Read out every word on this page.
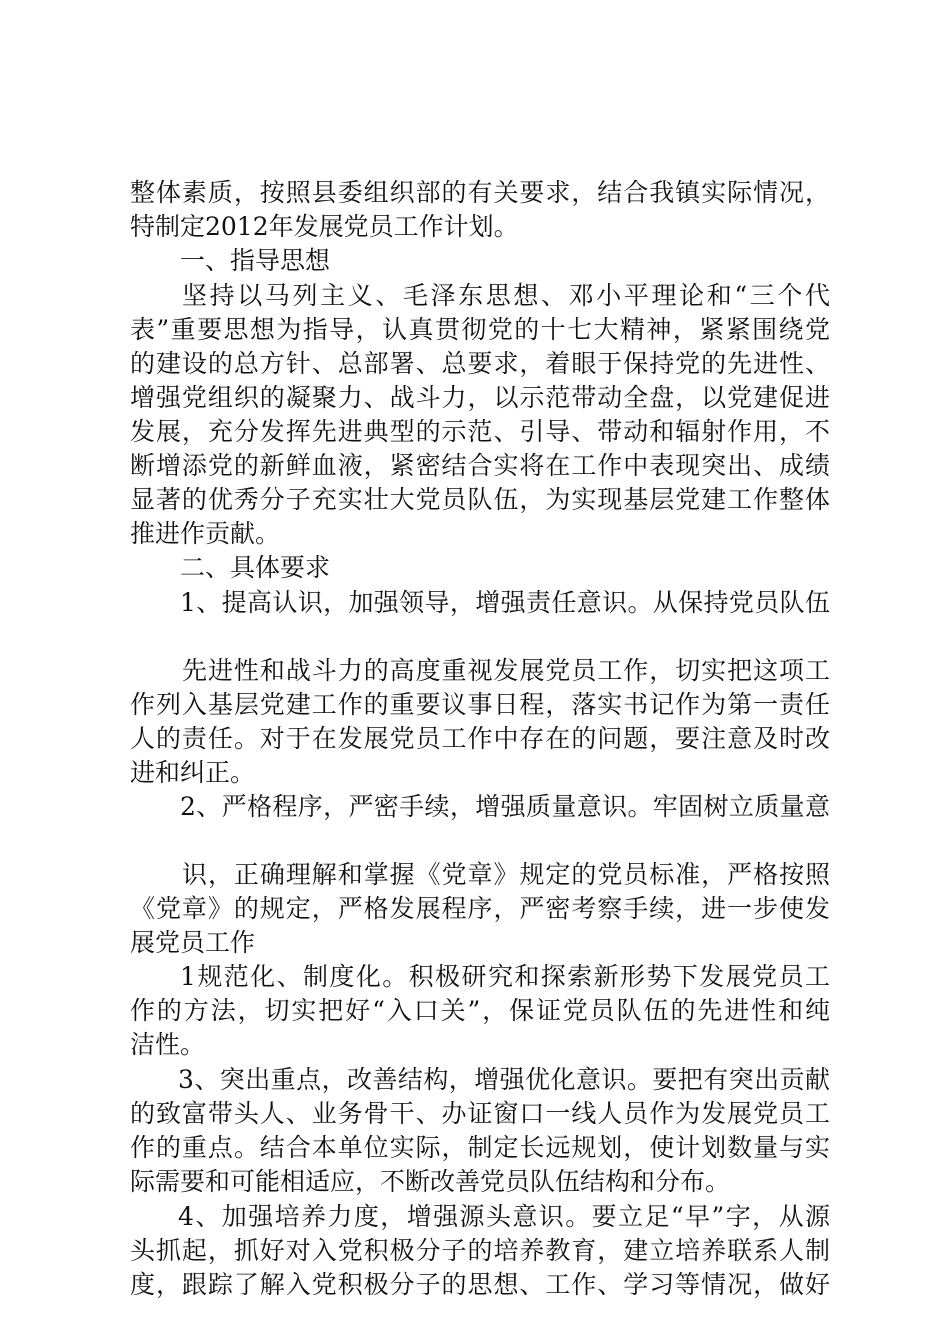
整体素质，按照县委组织部的有关要求，结合我镇实际情况，
特制定2012年发展党员工作计划。
一、指导思想
坚持以马列主义、毛泽东思想、邓小平理论和“三个代
表”重要思想为指导，认真贯彻党的十七大精神，紧紧围绕党
的建设的总方针、总部署、总要求，着眼于保持党的先进性、
增强党组织的凝聚力、战斗力，以示范带动全盘，以党建促进
发展，充分发挥先进典型的示范、引导、带动和辐射作用，不
断增添党的新鲜血液，紧密结合实将在工作中表现突出、成绩
显著的优秀分子充实壮大党员队伍，为实现基层党建工作整体
推进作贡献。
二、具体要求
1、提高认识，加强领导，增强责任意识。从保持党员队伍
先进性和战斗力的高度重视发展党员工作，切实把这项工
作列入基层党建工作的重要议事日程，落实书记作为第一责任
人的责任。对于在发展党员工作中存在的问题，要注意及时改
进和纠正。
2、严格程序，严密手续，增强质量意识。牢固树立质量意
识，正确理解和掌握《党章》规定的党员标准，严格按照
《党章》的规定，严格发展程序，严密考察手续，进一步使发
展党员工作
1规范化、制度化。积极研究和探索新形势下发展党员工
作的方法，切实把好“入口关”，保证党员队伍的先进性和纯
洁性。
3、突出重点，改善结构，增强优化意识。要把有突出贡献
的致富带头人、业务骨干、办证窗口一线人员作为发展党员工
作的重点。结合本单位实际，制定长远规划，使计划数量与实
际需要和可能相适应，不断改善党员队伍结构和分布。
4、加强培养力度，增强源头意识。要立足“早”字，从源
头抓起，抓好对入党积极分子的培养教育，建立培养联系人制
度，跟踪了解入党积极分子的思想、工作、学习等情况，做好
